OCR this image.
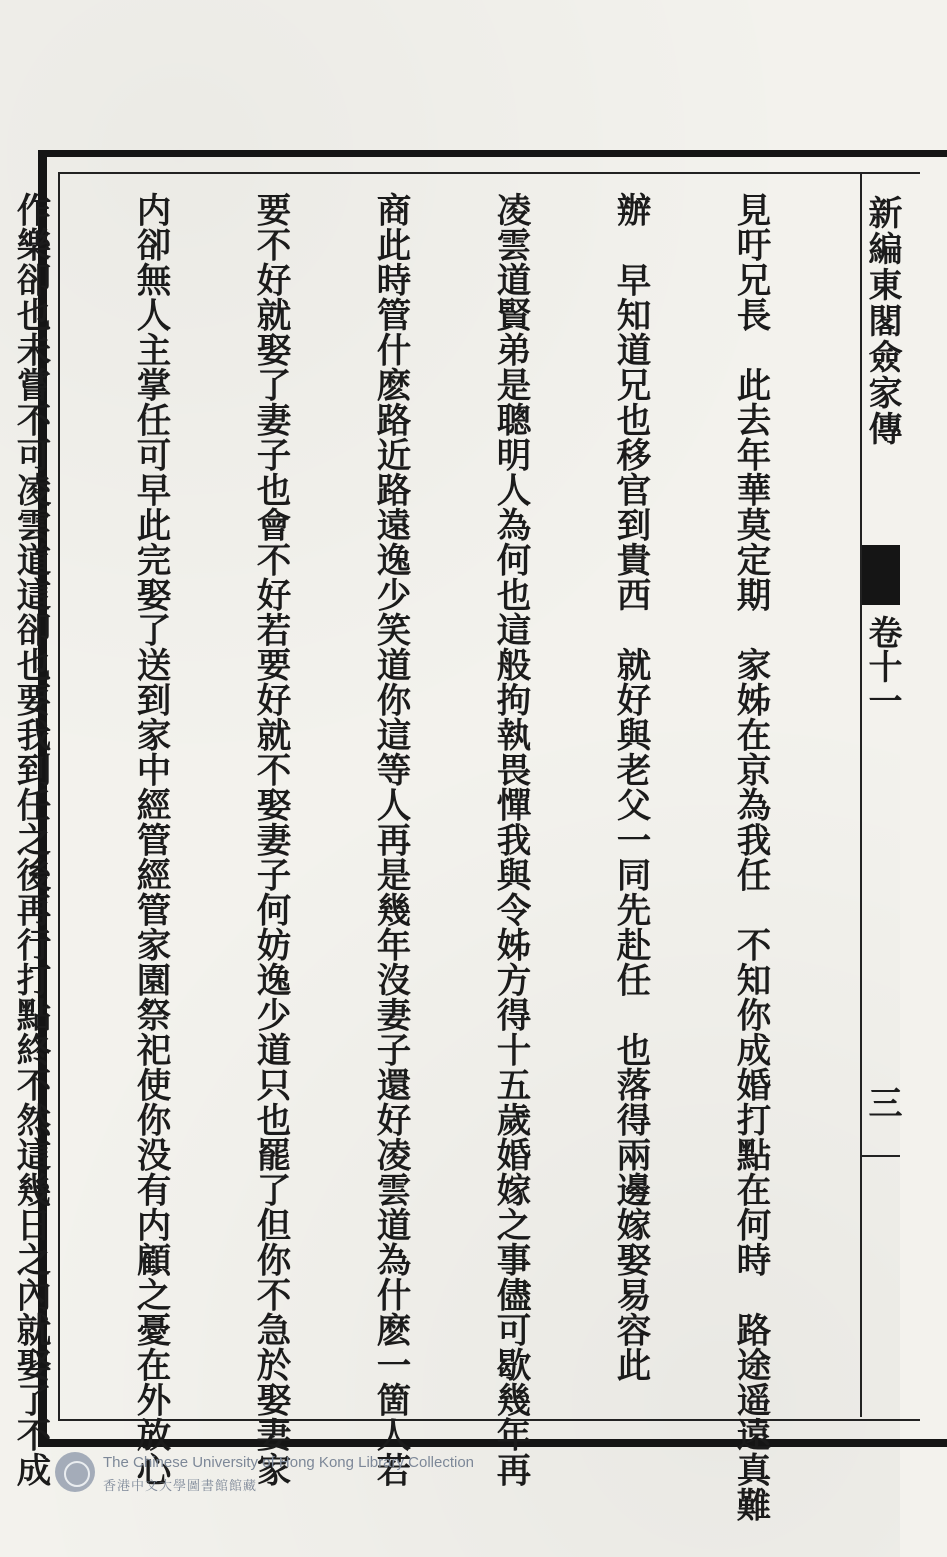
新編東閣僉家傳
卷十一
三

見吁兄長　此去年華莫定期　家姊在京為我任　不知你成婚打點在何時　路途遥遠真難

辦　早知道兄也移官到貴西　就好與老父一同先赴任　也落得兩邊嫁娶易容此

凌雲道賢弟是聰明人為何也這般拘執畏憚我與令姊方得十五歲婚嫁之事儘可歇幾年再

商此時管什麽路近路遠逸少笑道你這等人再是幾年沒妻子還好凌雲道為什麽一箇人若

要不好就娶了妻子也會不好若要好就不娶妻子何妨逸少道只也罷了但你不急於娶妻家

内卻無人主掌任可早此完娶了送到家中經管經管家園祭祀使你没有内顧之憂在外放心

作樂卻也未嘗不可凌雲道這卻也要我到任之後再行打點終不然這幾日之內就娶了不成

	The Chinese University of Hong Kong Library Collection
香港中文大學圖書館館藏
